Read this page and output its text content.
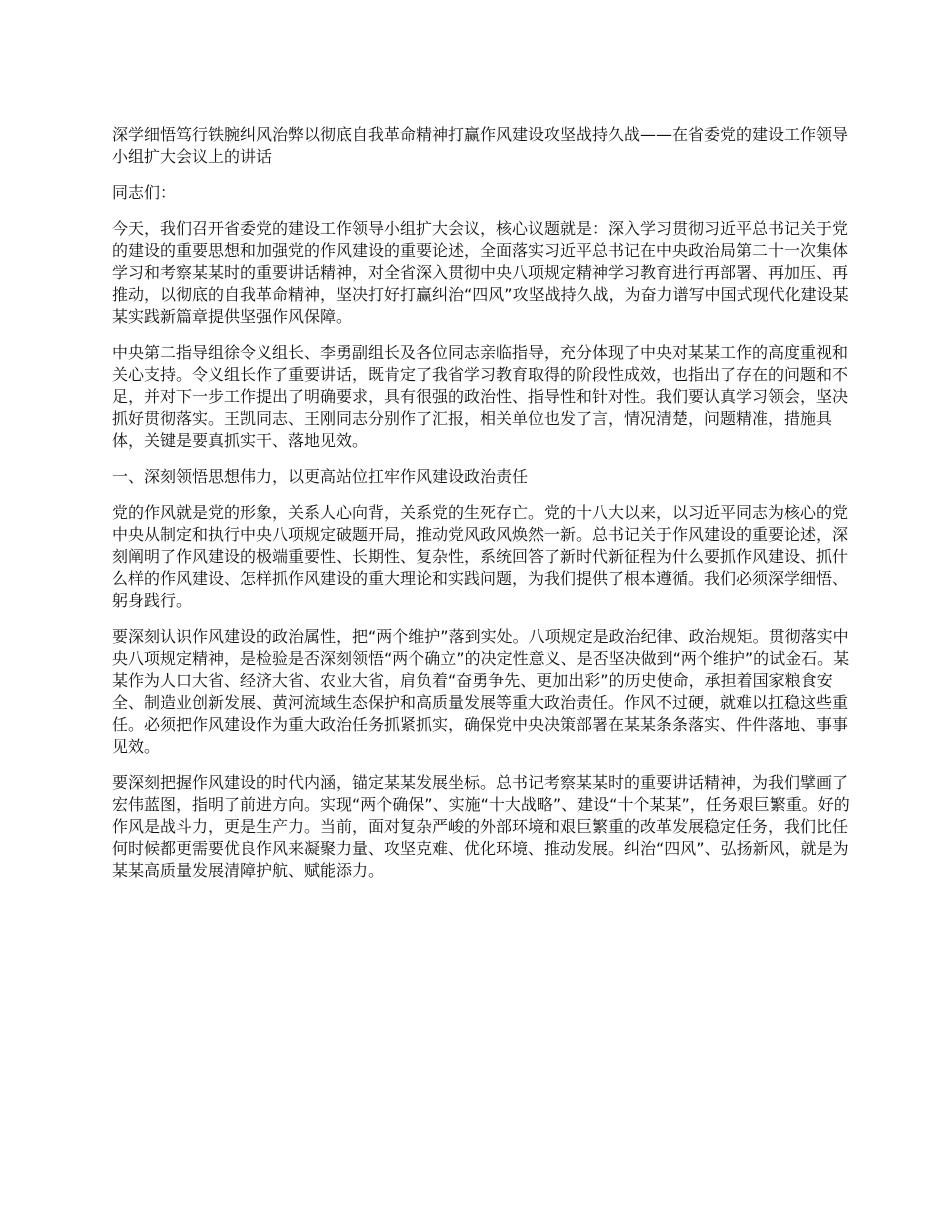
深学细悟笃行铁腕纠风治弊以彻底自我革命精神打赢作风建设攻坚战持久战——在省委党的建设工作领导小组扩大会议上的讲话
同志们：
今天，我们召开省委党的建设工作领导小组扩大会议，核心议题就是：深入学习贯彻习近平总书记关于党的建设的重要思想和加强党的作风建设的重要论述，全面落实习近平总书记在中央政治局第二十一次集体学习和考察某某时的重要讲话精神，对全省深入贯彻中央八项规定精神学习教育进行再部署、再加压、再推动，以彻底的自我革命精神，坚决打好打赢纠治“四风”攻坚战持久战，为奋力谱写中国式现代化建设某某实践新篇章提供坚强作风保障。
中央第二指导组徐令义组长、李勇副组长及各位同志亲临指导，充分体现了中央对某某工作的高度重视和关心支持。令义组长作了重要讲话，既肯定了我省学习教育取得的阶段性成效，也指出了存在的问题和不足，并对下一步工作提出了明确要求，具有很强的政治性、指导性和针对性。我们要认真学习领会，坚决抓好贯彻落实。王凯同志、王刚同志分别作了汇报，相关单位也发了言，情况清楚，问题精准，措施具体，关键是要真抓实干、落地见效。
一、深刻领悟思想伟力，以更高站位扛牢作风建设政治责任
党的作风就是党的形象，关系人心向背，关系党的生死存亡。党的十八大以来，以习近平同志为核心的党中央从制定和执行中央八项规定破题开局，推动党风政风焕然一新。总书记关于作风建设的重要论述，深刻阐明了作风建设的极端重要性、长期性、复杂性，系统回答了新时代新征程为什么要抓作风建设、抓什么样的作风建设、怎样抓作风建设的重大理论和实践问题，为我们提供了根本遵循。我们必须深学细悟、躬身践行。
要深刻认识作风建设的政治属性，把“两个维护”落到实处。八项规定是政治纪律、政治规矩。贯彻落实中央八项规定精神，是检验是否深刻领悟“两个确立”的决定性意义、是否坚决做到“两个维护”的试金石。某某作为人口大省、经济大省、农业大省，肩负着“奋勇争先、更加出彩”的历史使命，承担着国家粮食安全、制造业创新发展、黄河流域生态保护和高质量发展等重大政治责任。作风不过硬，就难以扛稳这些重任。必须把作风建设作为重大政治任务抓紧抓实，确保党中央决策部署在某某条条落实、件件落地、事事见效。
要深刻把握作风建设的时代内涵，锚定某某发展坐标。总书记考察某某时的重要讲话精神，为我们擘画了宏伟蓝图，指明了前进方向。实现“两个确保”、实施“十大战略”、建设“十个某某”，任务艰巨繁重。好的作风是战斗力，更是生产力。当前，面对复杂严峻的外部环境和艰巨繁重的改革发展稳定任务，我们比任何时候都更需要优良作风来凝聚力量、攻坚克难、优化环境、推动发展。纠治“四风”、弘扬新风，就是为某某高质量发展清障护航、赋能添力。
